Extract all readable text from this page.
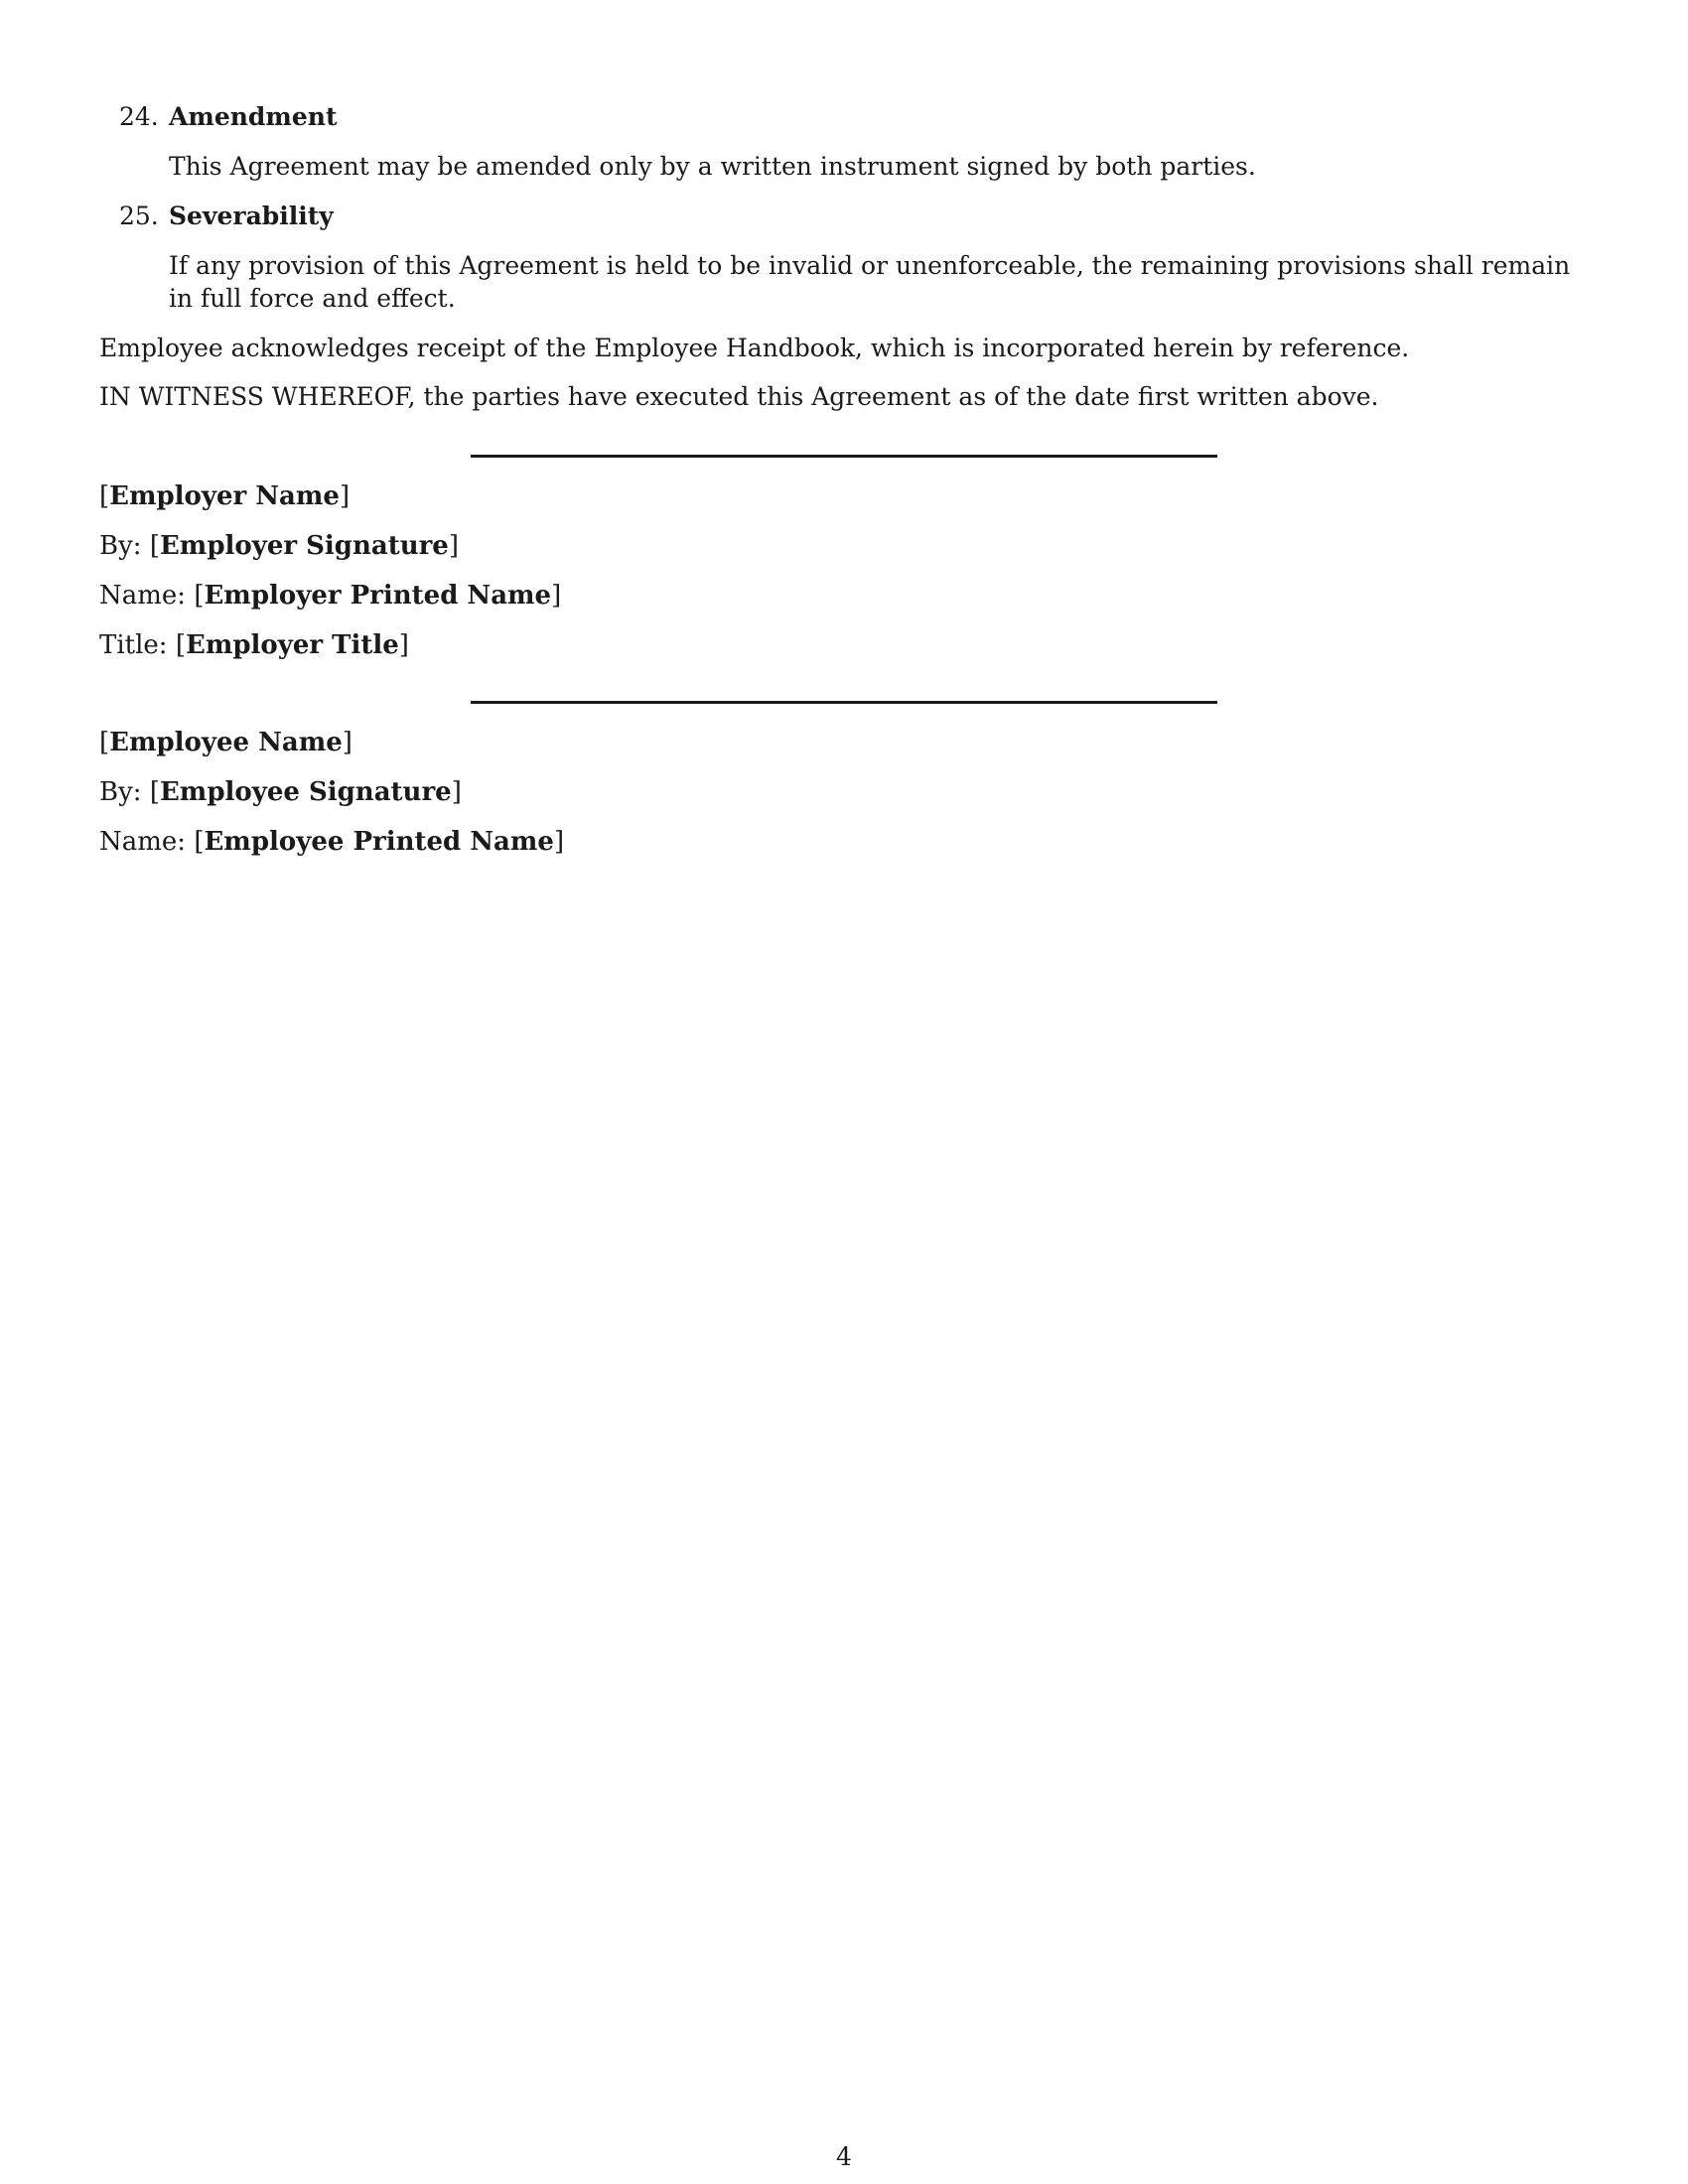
24. Amendment
This Agreement may be amended only by a written instrument signed by both parties.
25. Severability
If any provision of this Agreement is held to be invalid or unenforceable, the remaining provisions shall remain in full force and effect.
Employee acknowledges receipt of the Employee Handbook, which is incorporated herein by reference.
IN WITNESS WHEREOF, the parties have executed this Agreement as of the date first written above.
[Employer Name]
By: [Employer Signature]
Name: [Employer Printed Name]
Title: [Employer Title]
[Employee Name]
By: [Employee Signature]
Name: [Employee Printed Name]
4
